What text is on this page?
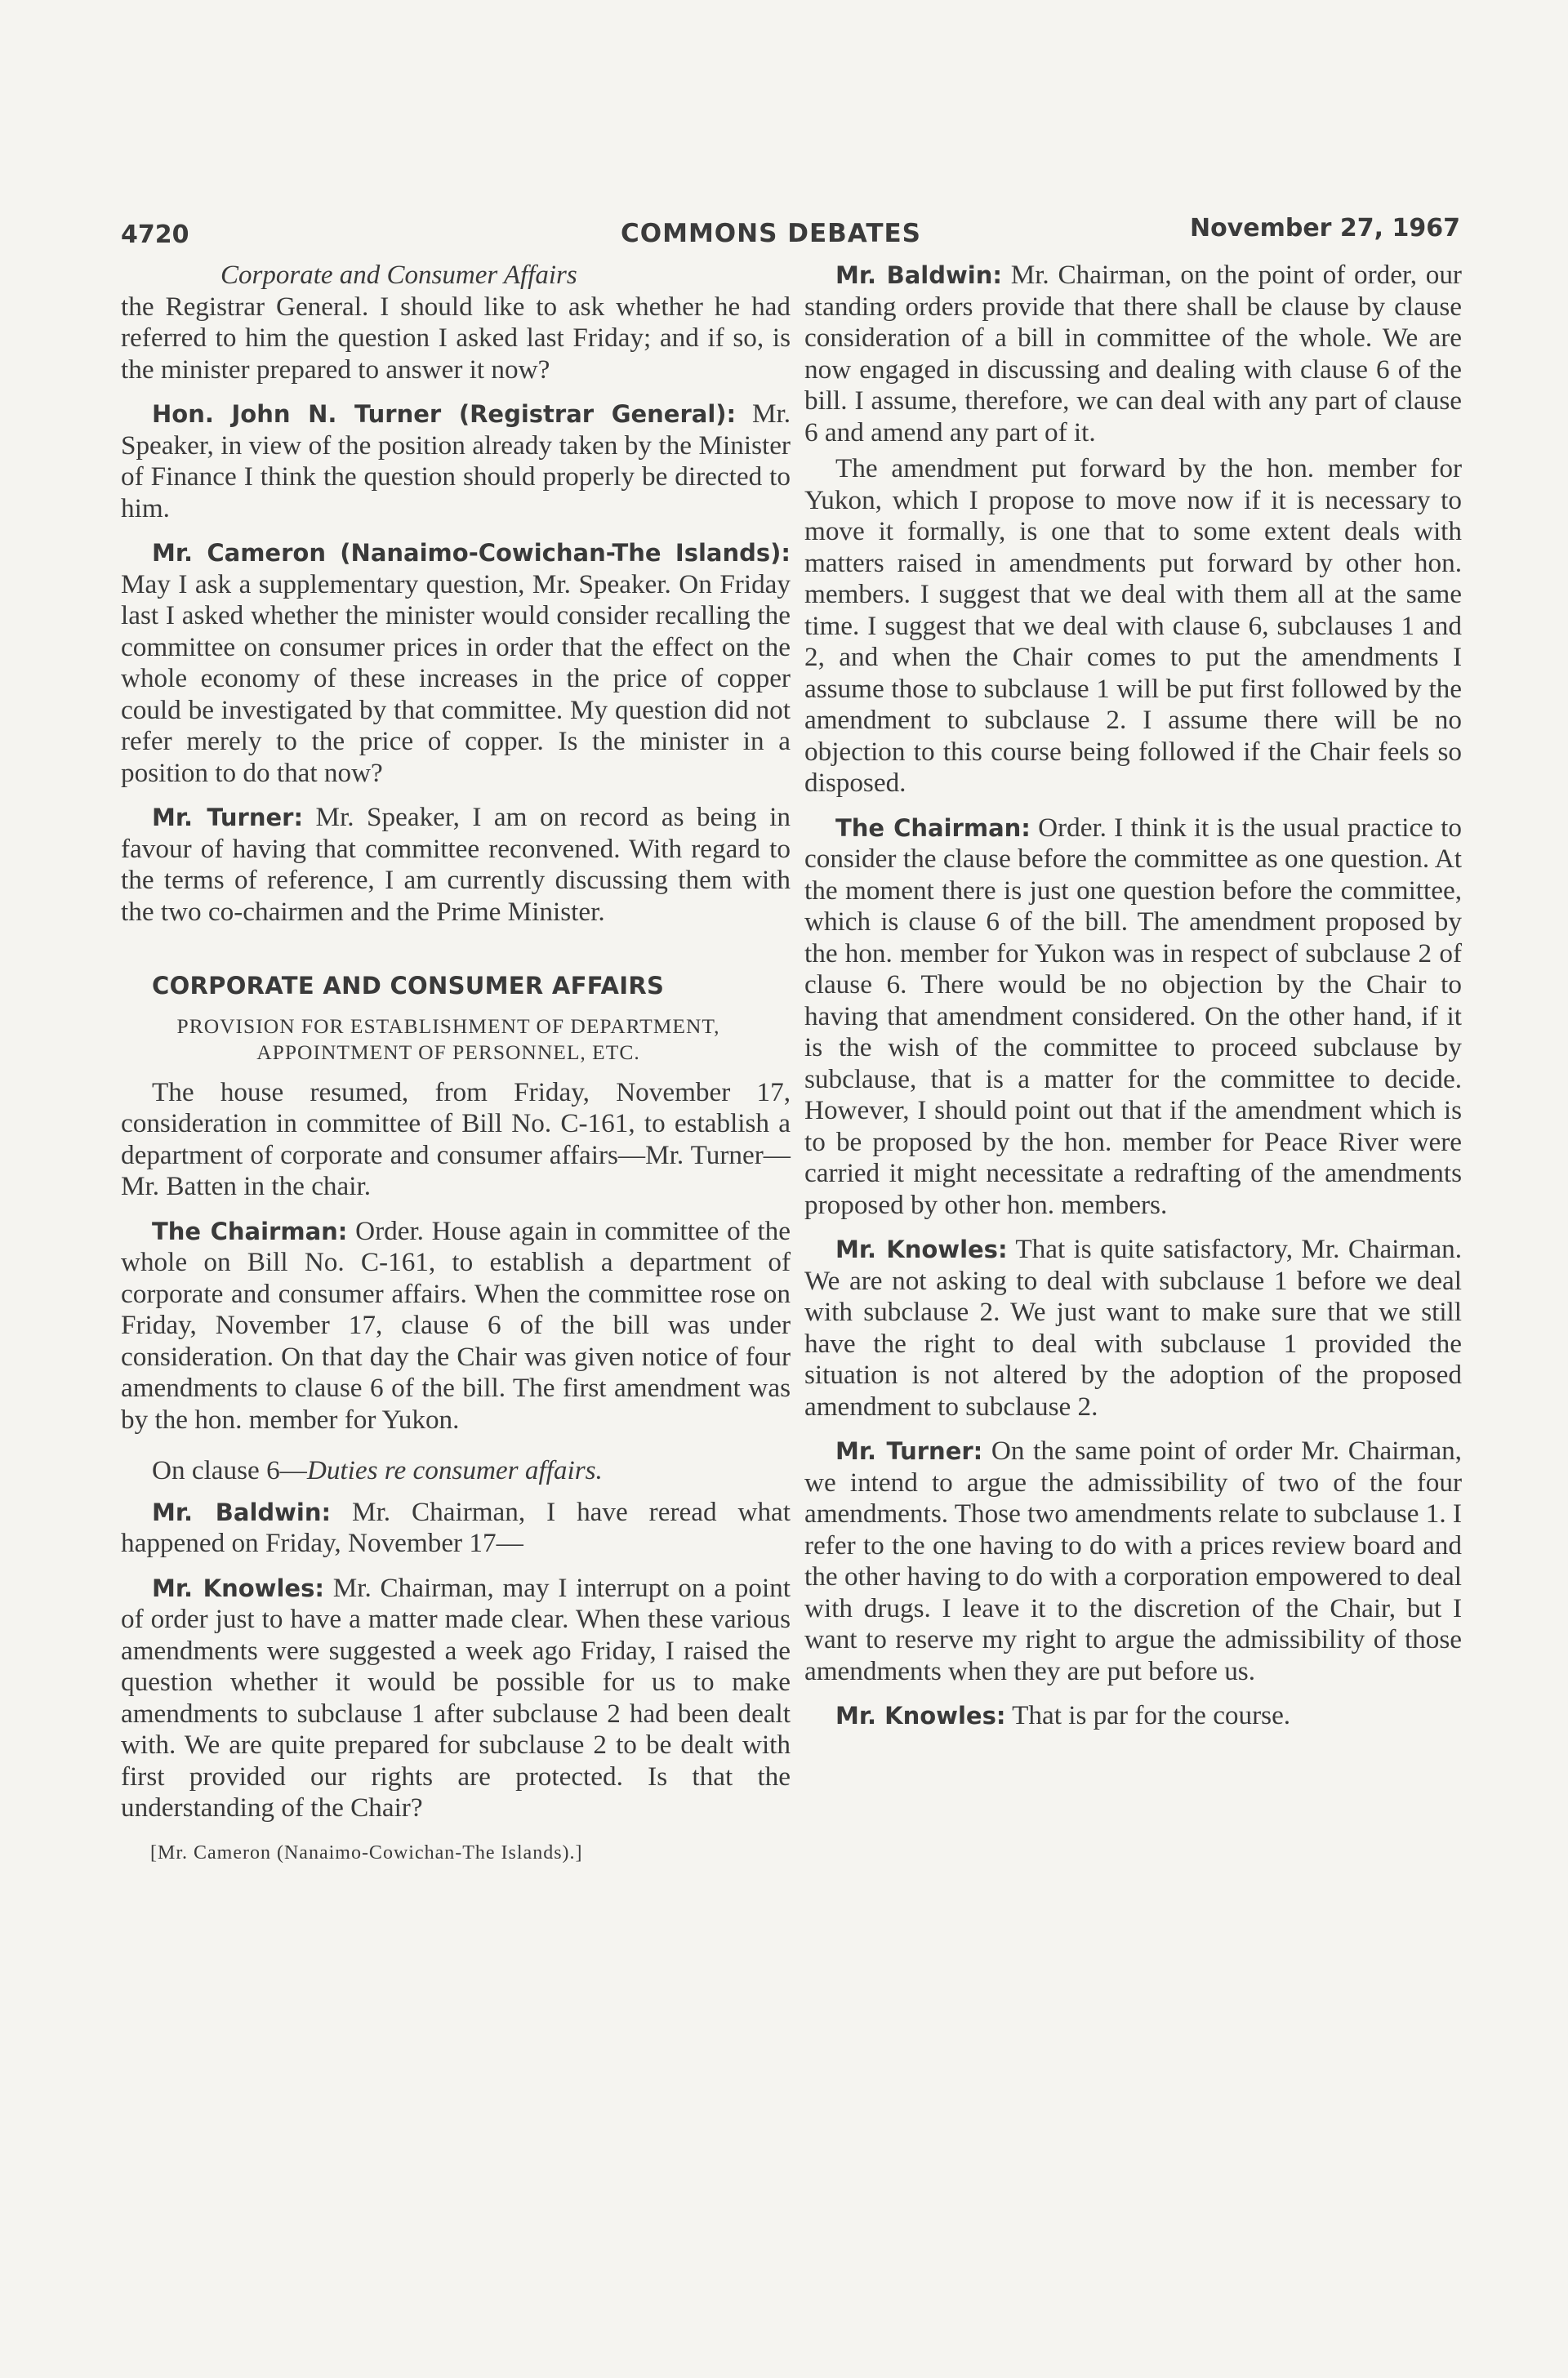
4720	COMMONS DEBATES	November 27, 1967
Corporate and Consumer Affairs

the Registrar General. I should like to ask whether he had referred to him the question I asked last Friday; and if so, is the minister prepared to answer it now?

Hon. John N. Turner (Registrar General): Mr. Speaker, in view of the position already taken by the Minister of Finance I think the question should properly be directed to him.

Mr. Cameron (Nanaimo-Cowichan-The Islands): May I ask a supplementary question, Mr. Speaker. On Friday last I asked whether the minister would consider recalling the committee on consumer prices in order that the effect on the whole economy of these increases in the price of copper could be investigated by that committee. My question did not refer merely to the price of copper. Is the minister in a position to do that now?

Mr. Turner: Mr. Speaker, I am on record as being in favour of having that committee reconvened. With regard to the terms of reference, I am currently discussing them with the two co-chairmen and the Prime Minister.

CORPORATE AND CONSUMER AFFAIRS
PROVISION FOR ESTABLISHMENT OF DEPARTMENT, APPOINTMENT OF PERSONNEL, ETC.

The house resumed, from Friday, November 17, consideration in committee of Bill No. C-161, to establish a department of corporate and consumer affairs—Mr. Turner—Mr. Batten in the chair.

The Chairman: Order. House again in committee of the whole on Bill No. C-161, to establish a department of corporate and consumer affairs. When the committee rose on Friday, November 17, clause 6 of the bill was under consideration. On that day the Chair was given notice of four amendments to clause 6 of the bill. The first amendment was by the hon. member for Yukon.

On clause 6—Duties re consumer affairs.

Mr. Baldwin: Mr. Chairman, I have reread what happened on Friday, November 17—

Mr. Knowles: Mr. Chairman, may I interrupt on a point of order just to have a matter made clear. When these various amendments were suggested a week ago Friday, I raised the question whether it would be possible for us to make amendments to subclause 1 after subclause 2 had been dealt with. We are quite prepared for subclause 2 to be dealt with first provided our rights are protected. Is that the understanding of the Chair?

[Mr. Cameron (Nanaimo-Cowichan-The Islands).]

Mr. Baldwin: Mr. Chairman, on the point of order, our standing orders provide that there shall be clause by clause consideration of a bill in committee of the whole. We are now engaged in discussing and dealing with clause 6 of the bill. I assume, therefore, we can deal with any part of clause 6 and amend any part of it.

The amendment put forward by the hon. member for Yukon, which I propose to move now if it is necessary to move it formally, is one that to some extent deals with matters raised in amendments put forward by other hon. members. I suggest that we deal with them all at the same time. I suggest that we deal with clause 6, subclauses 1 and 2, and when the Chair comes to put the amendments I assume those to subclause 1 will be put first followed by the amendment to subclause 2. I assume there will be no objection to this course being followed if the Chair feels so disposed.

The Chairman: Order. I think it is the usual practice to consider the clause before the committee as one question. At the moment there is just one question before the committee, which is clause 6 of the bill. The amendment proposed by the hon. member for Yukon was in respect of subclause 2 of clause 6. There would be no objection by the Chair to having that amendment considered. On the other hand, if it is the wish of the committee to proceed subclause by subclause, that is a matter for the committee to decide. However, I should point out that if the amendment which is to be proposed by the hon. member for Peace River were carried it might necessitate a redrafting of the amendments proposed by other hon. members.

Mr. Knowles: That is quite satisfactory, Mr. Chairman. We are not asking to deal with subclause 1 before we deal with subclause 2. We just want to make sure that we still have the right to deal with subclause 1 provided the situation is not altered by the adoption of the proposed amendment to subclause 2.

Mr. Turner: On the same point of order Mr. Chairman, we intend to argue the admissibility of two of the four amendments. Those two amendments relate to subclause 1. I refer to the one having to do with a prices review board and the other having to do with a corporation empowered to deal with drugs. I leave it to the discretion of the Chair, but I want to reserve my right to argue the admissibility of those amendments when they are put before us.

Mr. Knowles: That is par for the course.
